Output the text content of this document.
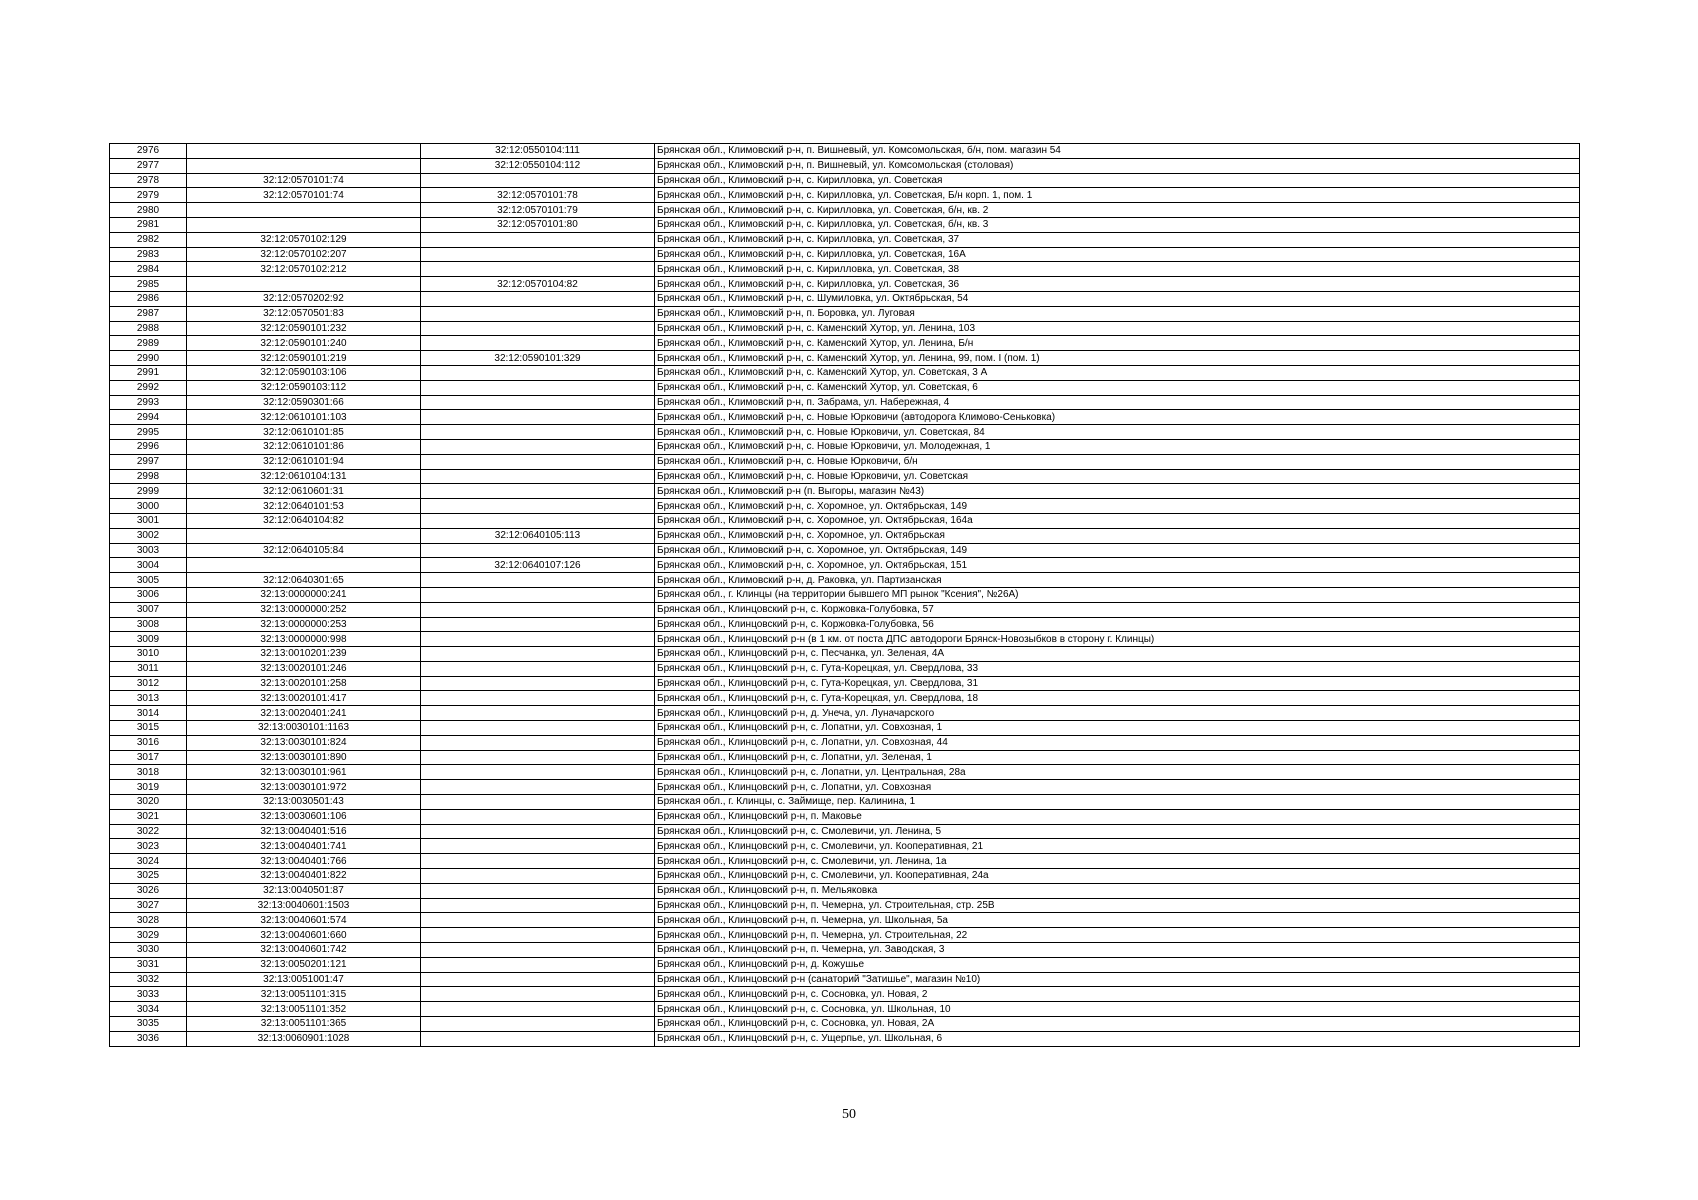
2976		32:12:0550104:111	Брянская обл., Климовский р-н, п. Вишневый, ул. Комсомольская, б/н, пом. магазин 54
2977		32:12:0550104:112	Брянская обл., Климовский р-н, п. Вишневый, ул. Комсомольская (столовая)
2978	32:12:0570101:74		Брянская обл., Климовский р-н, с. Кирилловка, ул. Советская
2979	32:12:0570101:74	32:12:0570101:78	Брянская обл., Климовский р-н, с. Кирилловка, ул. Советская, Б/н корп. 1, пом. 1
2980		32:12:0570101:79	Брянская обл., Климовский р-н, с. Кирилловка, ул. Советская, б/н, кв. 2
2981		32:12:0570101:80	Брянская обл., Климовский р-н, с. Кирилловка, ул. Советская, б/н, кв. 3
2982	32:12:0570102:129		Брянская обл., Климовский р-н, с. Кирилловка, ул. Советская, 37
2983	32:12:0570102:207		Брянская обл., Климовский р-н, с. Кирилловка, ул. Советская, 16А
2984	32:12:0570102:212		Брянская обл., Климовский р-н, с. Кирилловка, ул. Советская, 38
2985		32:12:0570104:82	Брянская обл., Климовский р-н, с. Кирилловка, ул. Советская, 36
2986	32:12:0570202:92		Брянская обл., Климовский р-н, с. Шумиловка, ул. Октябрьская, 54
2987	32:12:0570501:83		Брянская обл., Климовский р-н, п. Боровка, ул. Луговая
2988	32:12:0590101:232		Брянская обл., Климовский р-н, с. Каменский Хутор, ул. Ленина, 103
2989	32:12:0590101:240		Брянская обл., Климовский р-н, с. Каменский Хутор, ул. Ленина, Б/н
2990	32:12:0590101:219	32:12:0590101:329	Брянская обл., Климовский р-н, с. Каменский Хутор, ул. Ленина, 99, пом. I (пом. 1)
2991	32:12:0590103:106		Брянская обл., Климовский р-н, с. Каменский Хутор, ул. Советская, 3 А
2992	32:12:0590103:112		Брянская обл., Климовский р-н, с. Каменский Хутор, ул. Советская, 6
2993	32:12:0590301:66		Брянская обл., Климовский р-н, п. Забрама, ул. Набережная, 4
2994	32:12:0610101:103		Брянская обл., Климовский р-н, с. Новые Юрковичи (автодорога Климово-Сеньковка)
2995	32:12:0610101:85		Брянская обл., Климовский р-н, с. Новые Юрковичи, ул. Советская, 84
2996	32:12:0610101:86		Брянская обл., Климовский р-н, с. Новые Юрковичи, ул. Молодежная, 1
2997	32:12:0610101:94		Брянская обл., Климовский р-н, с. Новые Юрковичи, б/н
2998	32:12:0610104:131		Брянская обл., Климовский р-н, с. Новые Юрковичи, ул. Советская
2999	32:12:0610601:31		Брянская обл., Климовский р-н (п. Выгоры, магазин №43)
3000	32:12:0640101:53		Брянская обл., Климовский р-н, с. Хоромное, ул. Октябрьская, 149
3001	32:12:0640104:82		Брянская обл., Климовский р-н, с. Хоромное, ул. Октябрьская, 164а
3002		32:12:0640105:113	Брянская обл., Климовский р-н, с. Хоромное, ул. Октябрьская
3003	32:12:0640105:84		Брянская обл., Климовский р-н, с. Хоромное, ул. Октябрьская, 149
3004		32:12:0640107:126	Брянская обл., Климовский р-н, с. Хоромное, ул. Октябрьская, 151
3005	32:12:0640301:65		Брянская обл., Климовский р-н, д. Раковка, ул. Партизанская
3006	32:13:0000000:241		Брянская обл., г. Клинцы (на территории бывшего МП рынок "Ксения", №26А)
3007	32:13:0000000:252		Брянская обл., Клинцовский р-н, с. Коржовка-Голубовка, 57
3008	32:13:0000000:253		Брянская обл., Клинцовский р-н, с. Коржовка-Голубовка, 56
3009	32:13:0000000:998		Брянская обл., Клинцовский р-н (в 1 км. от поста ДПС автодороги Брянск-Новозыбков в сторону г. Клинцы)
3010	32:13:0010201:239		Брянская обл., Клинцовский р-н, с. Песчанка, ул. Зеленая, 4А
3011	32:13:0020101:246		Брянская обл., Клинцовский р-н, с. Гута-Корецкая, ул. Свердлова, 33
3012	32:13:0020101:258		Брянская обл., Клинцовский р-н, с. Гута-Корецкая, ул. Свердлова, 31
3013	32:13:0020101:417		Брянская обл., Клинцовский р-н, с. Гута-Корецкая, ул. Свердлова, 18
3014	32:13:0020401:241		Брянская обл., Клинцовский р-н, д. Унеча, ул. Луначарского
3015	32:13:0030101:1163		Брянская обл., Клинцовский р-н, с. Лопатни, ул. Совхозная, 1
3016	32:13:0030101:824		Брянская обл., Клинцовский р-н, с. Лопатни, ул. Совхозная, 44
3017	32:13:0030101:890		Брянская обл., Клинцовский р-н, с. Лопатни, ул. Зеленая, 1
3018	32:13:0030101:961		Брянская обл., Клинцовский р-н, с. Лопатни, ул. Центральная, 28а
3019	32:13:0030101:972		Брянская обл., Клинцовский р-н, с. Лопатни, ул. Совхозная
3020	32:13:0030501:43		Брянская обл., г. Клинцы, с. Займище, пер. Калинина, 1
3021	32:13:0030601:106		Брянская обл., Клинцовский р-н, п. Маковье
3022	32:13:0040401:516		Брянская обл., Клинцовский р-н, с. Смолевичи, ул. Ленина, 5
3023	32:13:0040401:741		Брянская обл., Клинцовский р-н, с. Смолевичи, ул. Кооперативная, 21
3024	32:13:0040401:766		Брянская обл., Клинцовский р-н, с. Смолевичи, ул. Ленина, 1а
3025	32:13:0040401:822		Брянская обл., Клинцовский р-н, с. Смолевичи, ул. Кооперативная, 24а
3026	32:13:0040501:87		Брянская обл., Клинцовский р-н, п. Мельяковка
3027	32:13:0040601:1503		Брянская обл., Клинцовский р-н, п. Чемерна, ул. Строительная, стр. 25В
3028	32:13:0040601:574		Брянская обл., Клинцовский р-н, п. Чемерна, ул. Школьная, 5а
3029	32:13:0040601:660		Брянская обл., Клинцовский р-н, п. Чемерна, ул. Строительная, 22
3030	32:13:0040601:742		Брянская обл., Клинцовский р-н, п. Чемерна, ул. Заводская, 3
3031	32:13:0050201:121		Брянская обл., Клинцовский р-н, д. Кожушье
3032	32:13:0051001:47		Брянская обл., Клинцовский р-н (санаторий "Затишье", магазин №10)
3033	32:13:0051101:315		Брянская обл., Клинцовский р-н, с. Сосновка, ул. Новая, 2
3034	32:13:0051101:352		Брянская обл., Клинцовский р-н, с. Сосновка, ул. Школьная, 10
3035	32:13:0051101:365		Брянская обл., Клинцовский р-н, с. Сосновка, ул. Новая, 2А
3036	32:13:0060901:1028		Брянская обл., Клинцовский р-н, с. Ущерпье, ул. Школьная, 6
50
